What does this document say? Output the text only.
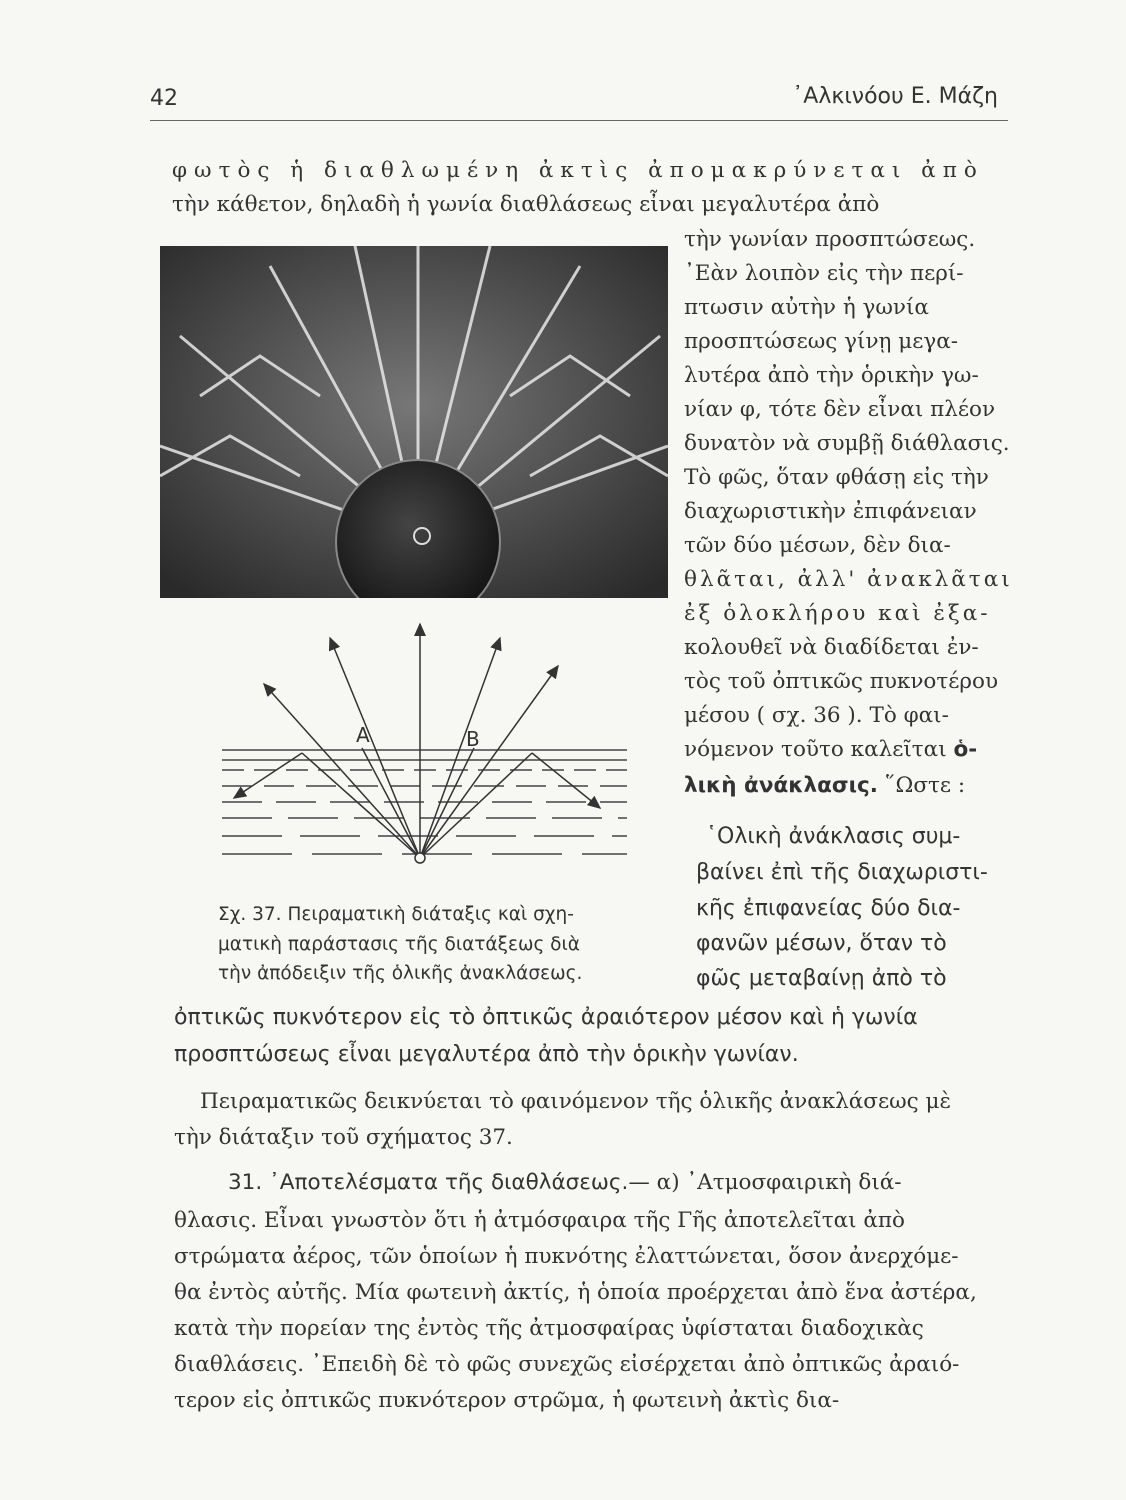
42	᾿Αλκινόου Ε. Μάζη
φωτὸς ἡ διαθλωμένη ἀκτὶς ἀπομακρύνεται ἀπὸ
τὴν κάθετον, δηλαδὴ ἡ γωνία διαθλάσεως εἶναι μεγαλυτέρα ἀπὸ
A	B
Σχ. 37. Πειραματικὴ διάταξις καὶ σχη-
ματικὴ παράστασις τῆς διατάξεως διὰ
τὴν ἀπόδειξιν τῆς ὁλικῆς ἀνακλάσεως.
τὴν γωνίαν προσπτώσεως.
᾿Εὰν λοιπὸν εἰς τὴν περί-
πτωσιν αὐτὴν ἡ γωνία
προσπτώσεως γίνῃ μεγα-
λυτέρα ἀπὸ τὴν ὁρικὴν γω-
νίαν φ, τότε δὲν εἶναι πλέον
δυνατὸν νὰ συμβῇ διάθλασις.
Τὸ φῶς, ὅταν φθάσῃ εἰς τὴν
διαχωριστικὴν ἐπιφάνειαν
τῶν δύο μέσων, δὲν δια-
θλᾶται, ἀλλ' ἀνακλᾶται
ἐξ ὁλοκλήρου καὶ ἐξα-
κολουθεῖ νὰ διαδίδεται ἐν-
τὸς τοῦ ὀπτικῶς πυκνοτέρου
μέσου ( σχ. 36 ). Τὸ φαι-
νόμενον τοῦτο καλεῖται ὁ-
λικὴ ἀνάκλασις. ῞Ωστε :
῾Ολικὴ ἀνάκλασις συμ-
βαίνει ἐπὶ τῆς διαχωριστι-
κῆς ἐπιφανείας δύο δια-
φανῶν μέσων, ὅταν τὸ
φῶς μεταβαίνῃ ἀπὸ τὸ
ὀπτικῶς πυκνότερον εἰς τὸ ὀπτικῶς ἀραιότερον μέσον καὶ ἡ γωνία
προσπτώσεως εἶναι μεγαλυτέρα ἀπὸ τὴν ὁρικὴν γωνίαν.
Πειραματικῶς δεικνύεται τὸ φαινόμενον τῆς ὁλικῆς ἀνακλάσεως μὲ
τὴν διάταξιν τοῦ σχήματος 37.
31. ᾿Αποτελέσματα τῆς διαθλάσεως.— α) ᾿Ατμοσφαιρικὴ διά-
θλασις. Εἶναι γνωστὸν ὅτι ἡ ἀτμόσφαιρα τῆς Γῆς ἀποτελεῖται ἀπὸ
στρώματα ἀέρος, τῶν ὁποίων ἡ πυκνότης ἐλαττώνεται, ὅσον ἀνερχόμε-
θα ἐντὸς αὐτῆς. Μία φωτεινὴ ἀκτίς, ἡ ὁποία προέρχεται ἀπὸ ἕνα ἀστέρα,
κατὰ τὴν πορείαν της ἐντὸς τῆς ἀτμοσφαίρας ὑφίσταται διαδοχικὰς
διαθλάσεις. ᾿Επειδὴ δὲ τὸ φῶς συνεχῶς εἰσέρχεται ἀπὸ ὀπτικῶς ἀραιό-
τερον εἰς ὀπτικῶς πυκνότερον στρῶμα, ἡ φωτεινὴ ἀκτὶς δια-
